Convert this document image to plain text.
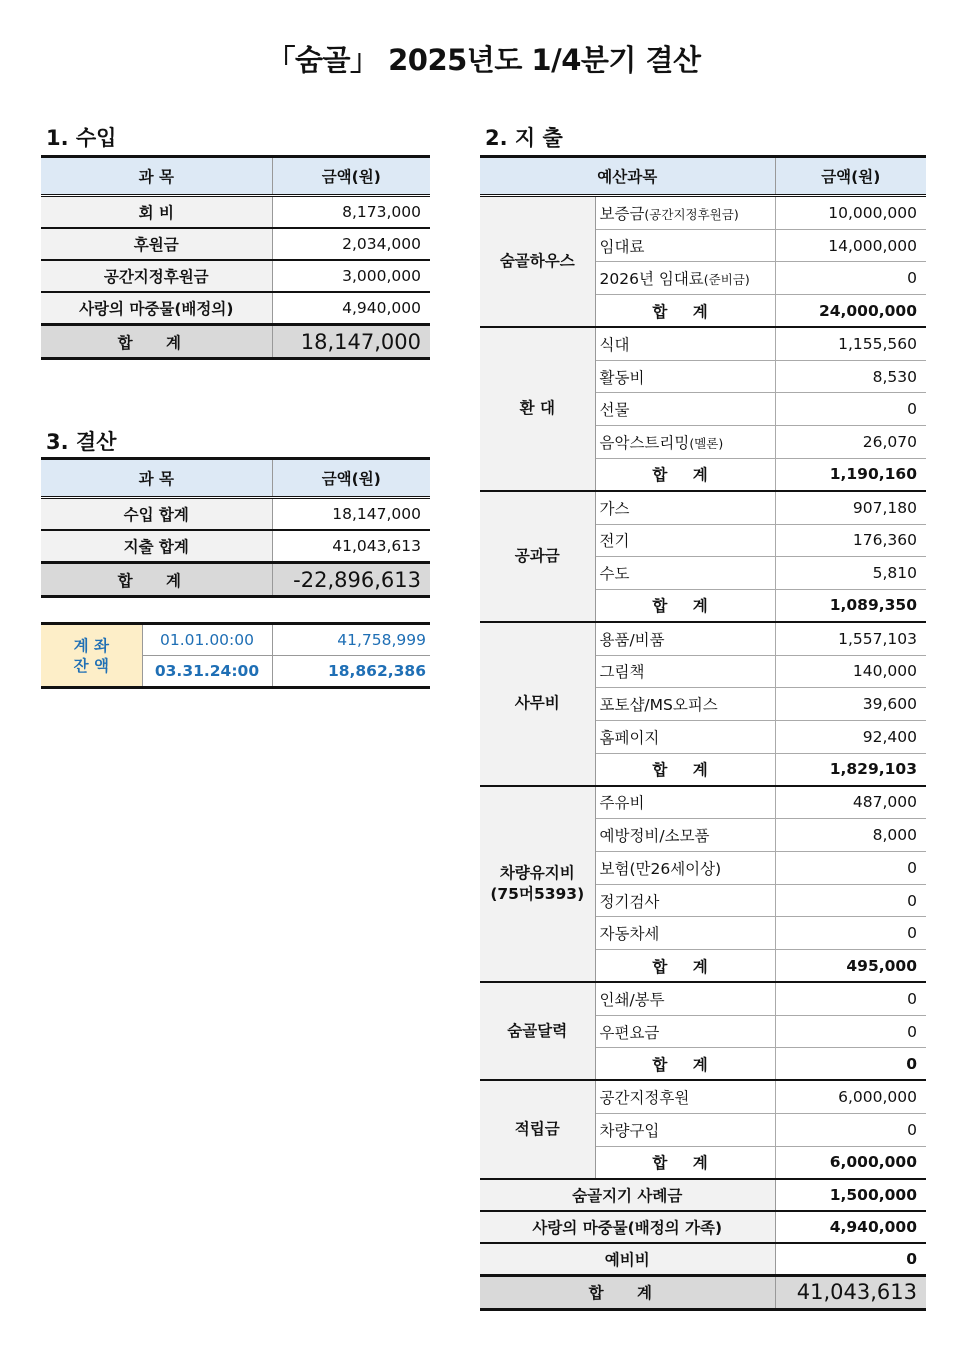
「숨골」 2025년도 1/4분기 결산
1. 수입
과 목	금액(원)
회 비	8,173,000
후원금	2,034,000
공간지정후원금	3,000,000
사랑의 마중물(배정의)	4,940,000
합 계	18,147,000
3. 결산
과 목	금액(원)
수입 합계	18,147,000
지출 합계	41,043,613
합 계	-22,896,613
계 좌
잔 액	01.01.00:00	41,758,999
	03.31.24:00	18,862,386
2. 지 출
예산과목		금액(원)

숨골하우스	보증금(공간지정후원금)	10,000,000
	임대료	14,000,000
	2026년 임대료(준비금)	0
	합 계	24,000,000

환 대	식대	1,155,560
	활동비	8,530
	선물	0
	음악스트리밍(멜론)	26,070
	합 계	1,190,160

공과금	가스	907,180
	전기	176,360
	수도	5,810
	합 계	1,089,350

사무비	용품/비품	1,557,103
	그림책	140,000
	포토샵/MS오피스	39,600
	홈페이지	92,400
	합 계	1,829,103

차량유지비
(75머5393)	주유비	487,000
	예방정비/소모품	8,000
	보험(만26세이상)	0
	정기검사	0
	자동차세	0
	합 계	495,000

숨골달력	인쇄/봉투	0
	우편요금	0
	합 계	0

적립금	공간지정후원	6,000,000
	차량구입	0
	합 계	6,000,000
숨골지기 사례금		1,500,000
사랑의 마중물(배정의 가족)		4,940,000
예비비		0
합 계		41,043,613
